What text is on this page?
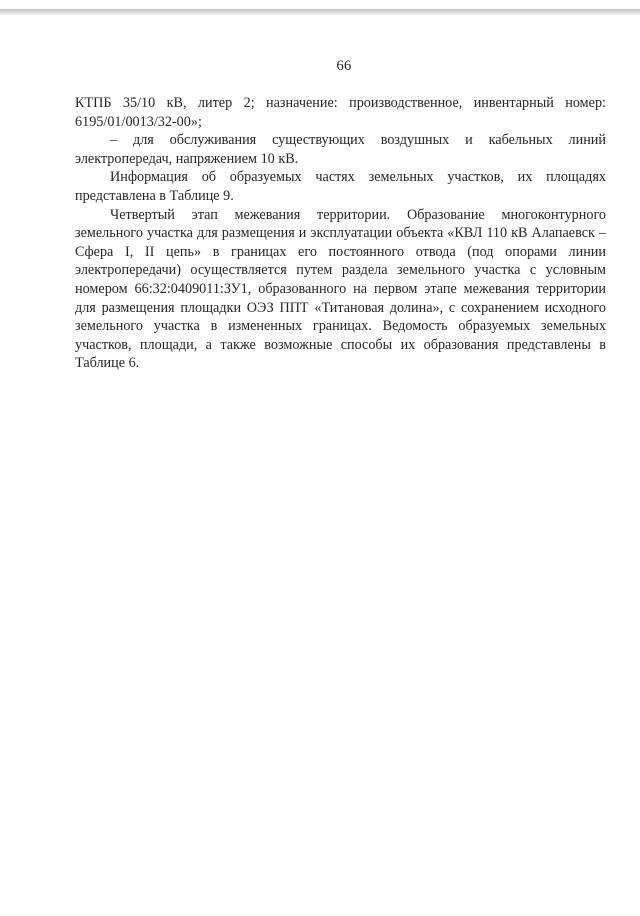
66

КТПБ 35/10 кВ, литер 2; назначение: производственное, инвентарный номер: 6195/01/0013/32-00»;

– для обслуживания существующих воздушных и кабельных линий электропередач, напряжением 10 кВ.

Информация об образуемых частях земельных участков, их площадях представлена в Таблице 9.

Четвертый этап межевания территории. Образование многоконтурного земельного участка для размещения и эксплуатации объекта «КВЛ 110 кВ Алапаевск – Сфера I, II цепь» в границах его постоянного отвода (под опорами линии электропередачи) осуществляется путем раздела земельного участка с условным номером 66:32:0409011:ЗУ1, образованного на первом этапе межевания территории для размещения площадки ОЭЗ ППТ «Титановая долина», с сохранением исходного земельного участка в измененных границах. Ведомость образуемых земельных участков, площади, а также возможные способы их образования представлены в Таблице 6.
